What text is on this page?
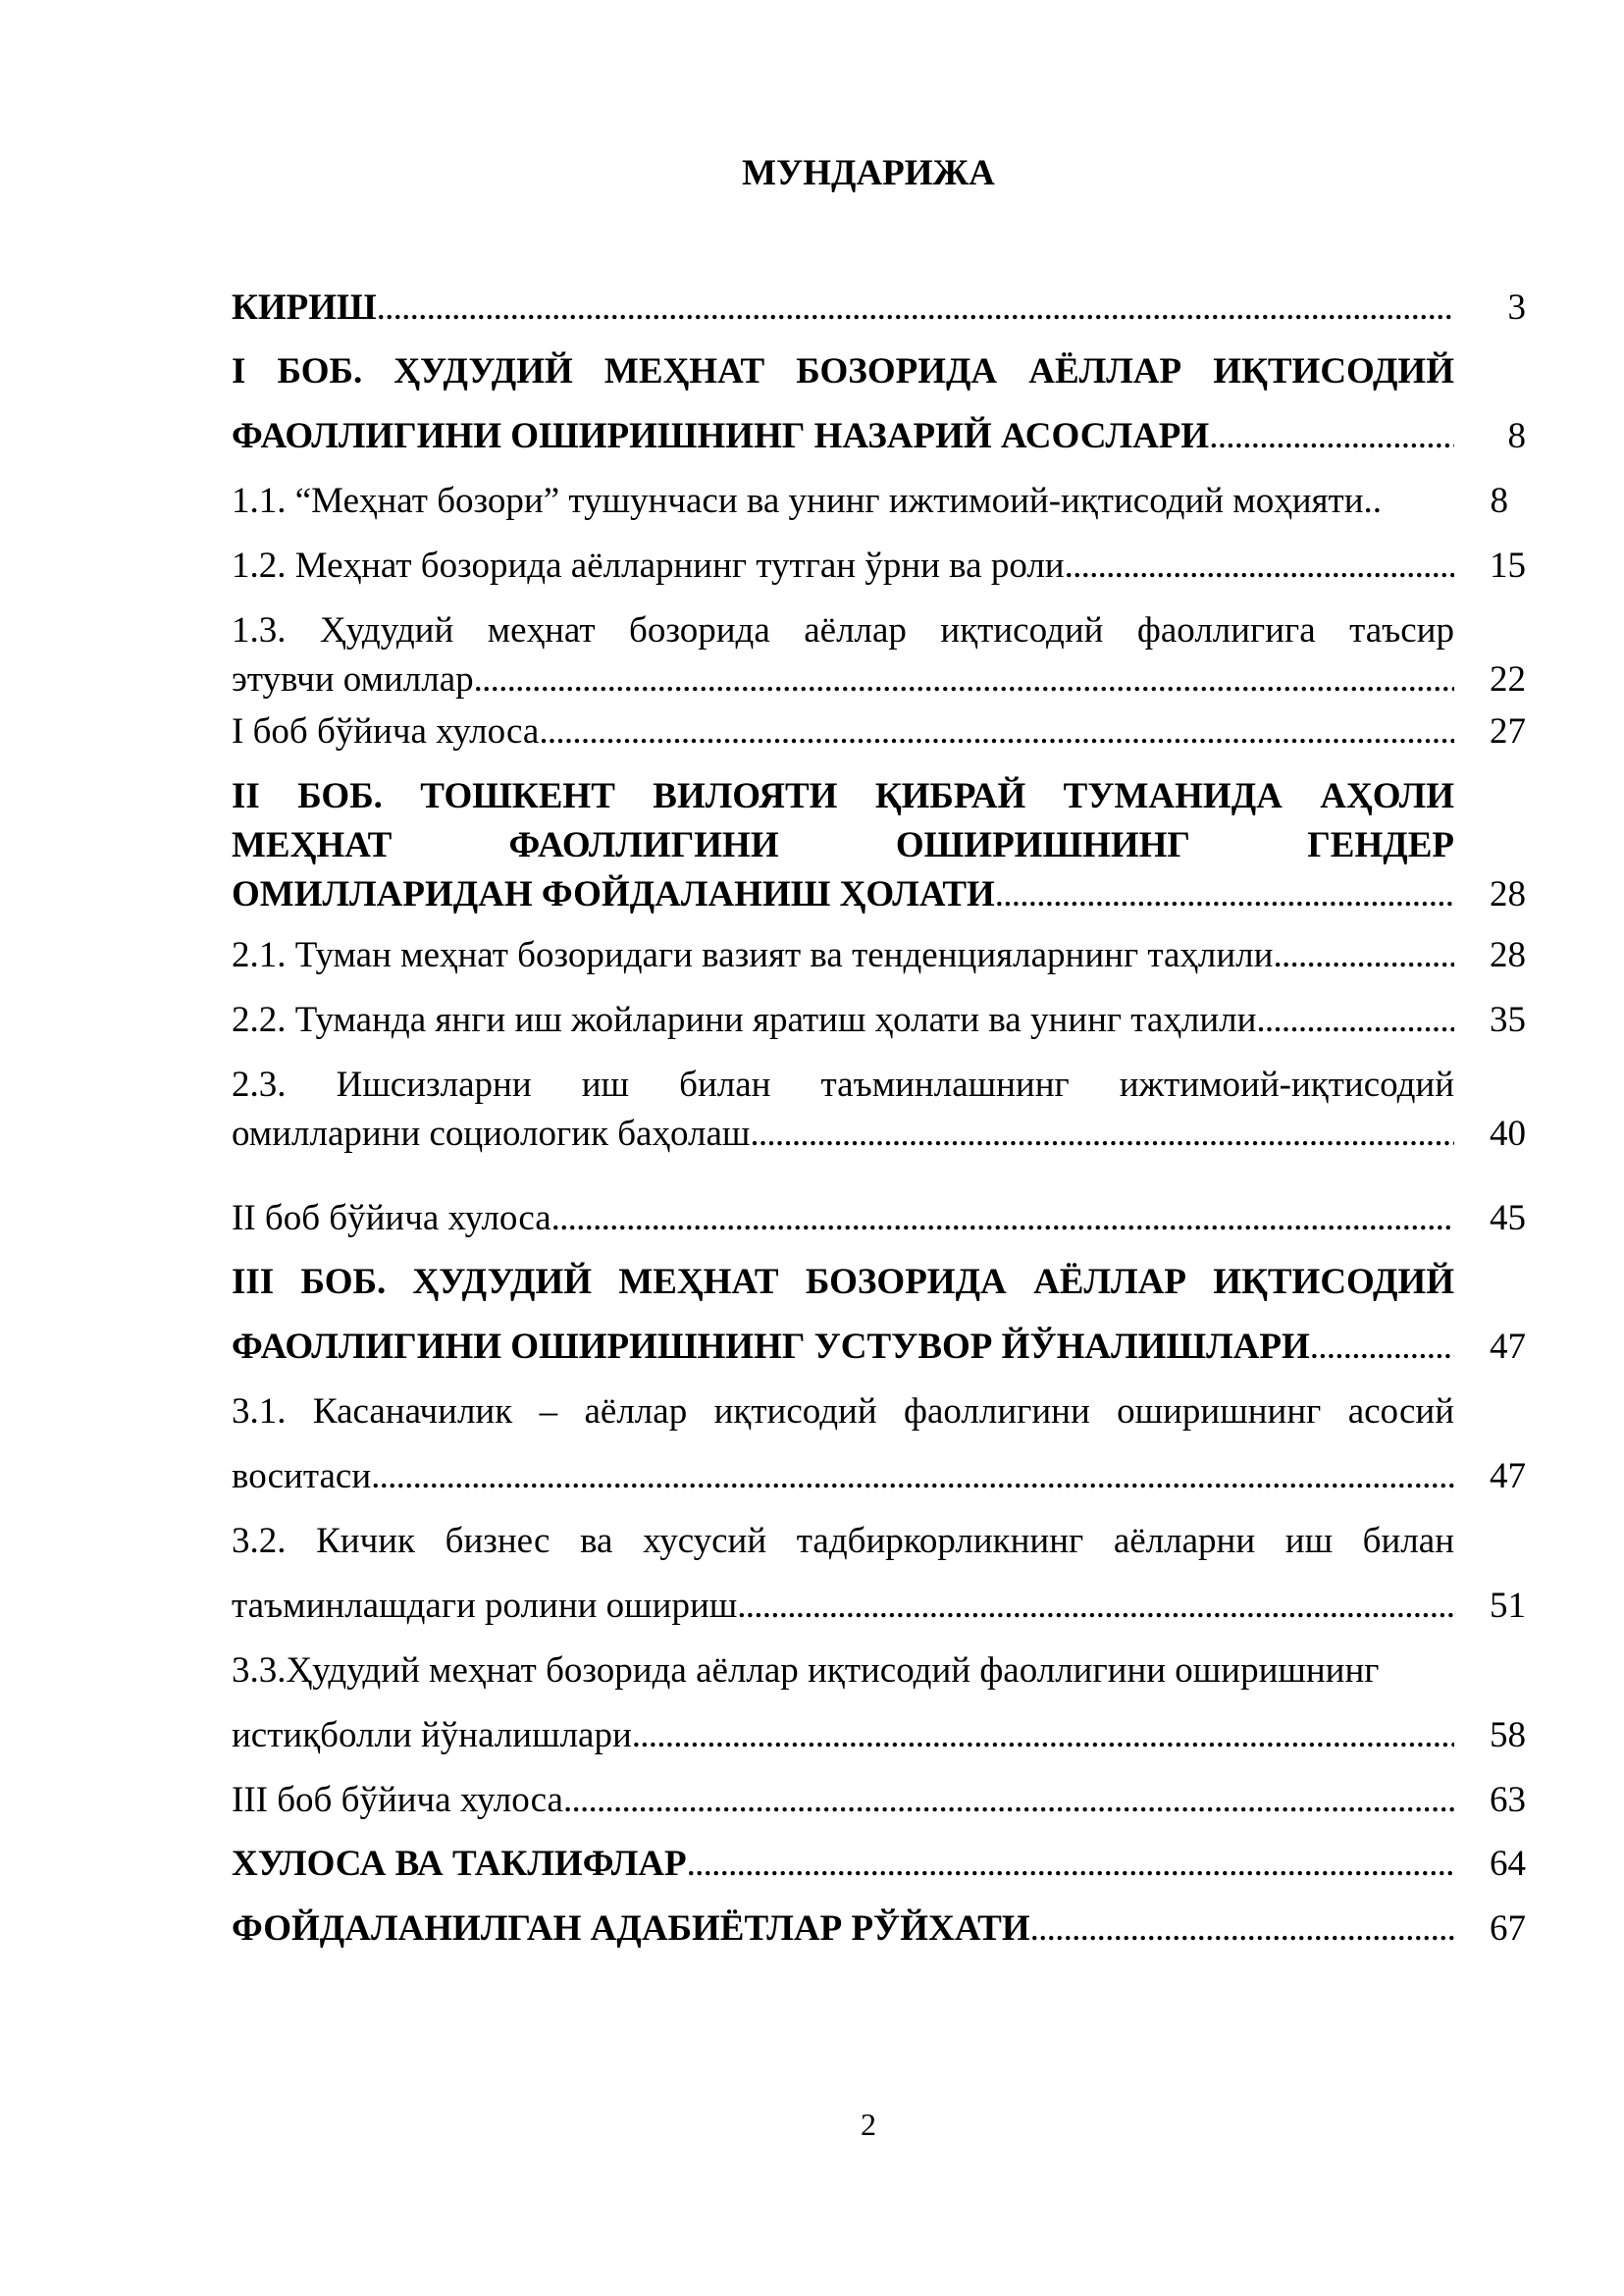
МУНДАРИЖА
КИРИШ . . .	3
I БОБ. ҲУДУДИЙ МЕҲНАТ БОЗОРИДА АЁЛЛАР ИҚТИСОДИЙ
ФАОЛЛИГИНИ ОШИРИШНИНГ НАЗАРИЙ АСОСЛАРИ . . .	8
1.1. “Меҳнат бозори” тушунчаси ва унинг ижтимоий-иқтисодий моҳияти..	8
1.2. Меҳнат бозорида аёлларнинг тутган ўрни ва роли . . .	15
1.3. Ҳудудий меҳнат бозорида аёллар иқтисодий фаоллигига таъсир
этувчи омиллар . . .	22
I боб бўйича хулоса . . .	27
II БОБ. ТОШКЕНТ ВИЛОЯТИ ҚИБРАЙ ТУМАНИДА АҲОЛИ
МЕҲНАТ ФАОЛЛИГИНИ ОШИРИШНИНГ ГЕНДЕР
ОМИЛЛАРИДАН ФОЙДАЛАНИШ ҲОЛАТИ . . .	28
2.1. Туман меҳнат бозоридаги вазият ва тенденцияларнинг таҳлили . . .	28
2.2. Туманда янги иш жойларини яратиш ҳолати ва унинг таҳлили . . .	35
2.3. Ишсизларни иш билан таъминлашнинг ижтимоий-иқтисодий
омилларини социологик баҳолаш . . .	40
II боб бўйича хулоса . . .	45
III БОБ. ҲУДУДИЙ МЕҲНАТ БОЗОРИДА АЁЛЛАР ИҚТИСОДИЙ
ФАОЛЛИГИНИ ОШИРИШНИНГ УСТУВОР ЙЎНАЛИШЛАРИ . . .	47
3.1. Касаначилик – аёллар иқтисодий фаоллигини оширишнинг асосий
воситаси . . .	47
3.2. Кичик бизнес ва хусусий тадбиркорликнинг аёлларни иш билан
таъминлашдаги ролини ошириш . . .	51
3.3.Ҳудудий меҳнат бозорида аёллар иқтисодий фаоллигини оширишнинг
истиқболли йўналишлари . . .	58
III боб бўйича хулоса . . .	63
ХУЛОСА ВА ТАКЛИФЛАР . . .	64
ФОЙДАЛАНИЛГАН АДАБИЁТЛАР РЎЙХАТИ . . .	67
2
